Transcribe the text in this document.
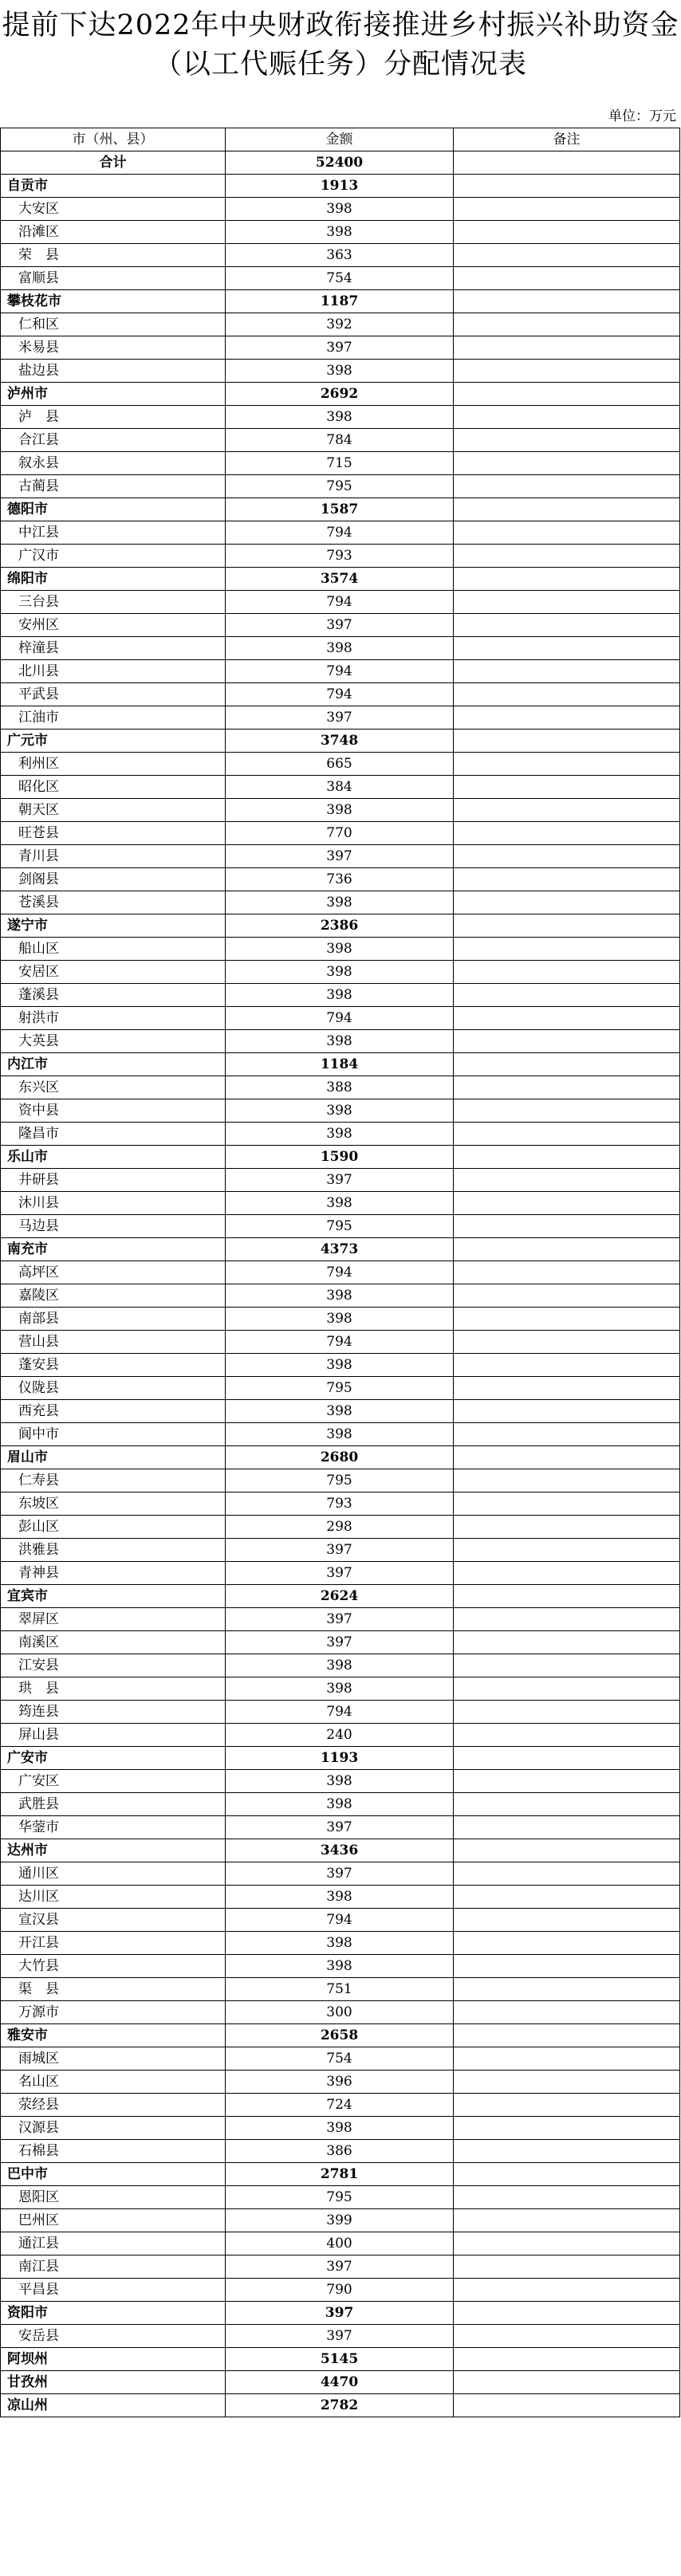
提前下达2022年中央财政衔接推进乡村振兴补助资金（以工代赈任务）分配情况表
单位：万元
市（州、县）	金额	备注
合计	52400	
自贡市	1913	
大安区	398	
沿滩区	398	
荣　县	363	
富顺县	754	
攀枝花市	1187	
仁和区	392	
米易县	397	
盐边县	398	
泸州市	2692	
泸　县	398	
合江县	784	
叙永县	715	
古蔺县	795	
德阳市	1587	
中江县	794	
广汉市	793	
绵阳市	3574	
三台县	794	
安州区	397	
梓潼县	398	
北川县	794	
平武县	794	
江油市	397	
广元市	3748	
利州区	665	
昭化区	384	
朝天区	398	
旺苍县	770	
青川县	397	
剑阁县	736	
苍溪县	398	
遂宁市	2386	
船山区	398	
安居区	398	
蓬溪县	398	
射洪市	794	
大英县	398	
内江市	1184	
东兴区	388	
资中县	398	
隆昌市	398	
乐山市	1590	
井研县	397	
沐川县	398	
马边县	795	
南充市	4373	
高坪区	794	
嘉陵区	398	
南部县	398	
营山县	794	
蓬安县	398	
仪陇县	795	
西充县	398	
阆中市	398	
眉山市	2680	
仁寿县	795	
东坡区	793	
彭山区	298	
洪雅县	397	
青神县	397	
宜宾市	2624	
翠屏区	397	
南溪区	397	
江安县	398	
珙　县	398	
筠连县	794	
屏山县	240	
广安市	1193	
广安区	398	
武胜县	398	
华蓥市	397	
达州市	3436	
通川区	397	
达川区	398	
宣汉县	794	
开江县	398	
大竹县	398	
渠　县	751	
万源市	300	
雅安市	2658	
雨城区	754	
名山区	396	
荥经县	724	
汉源县	398	
石棉县	386	
巴中市	2781	
恩阳区	795	
巴州区	399	
通江县	400	
南江县	397	
平昌县	790	
资阳市	397	
安岳县	397	
阿坝州	5145	
甘孜州	4470	
凉山州	2782	
